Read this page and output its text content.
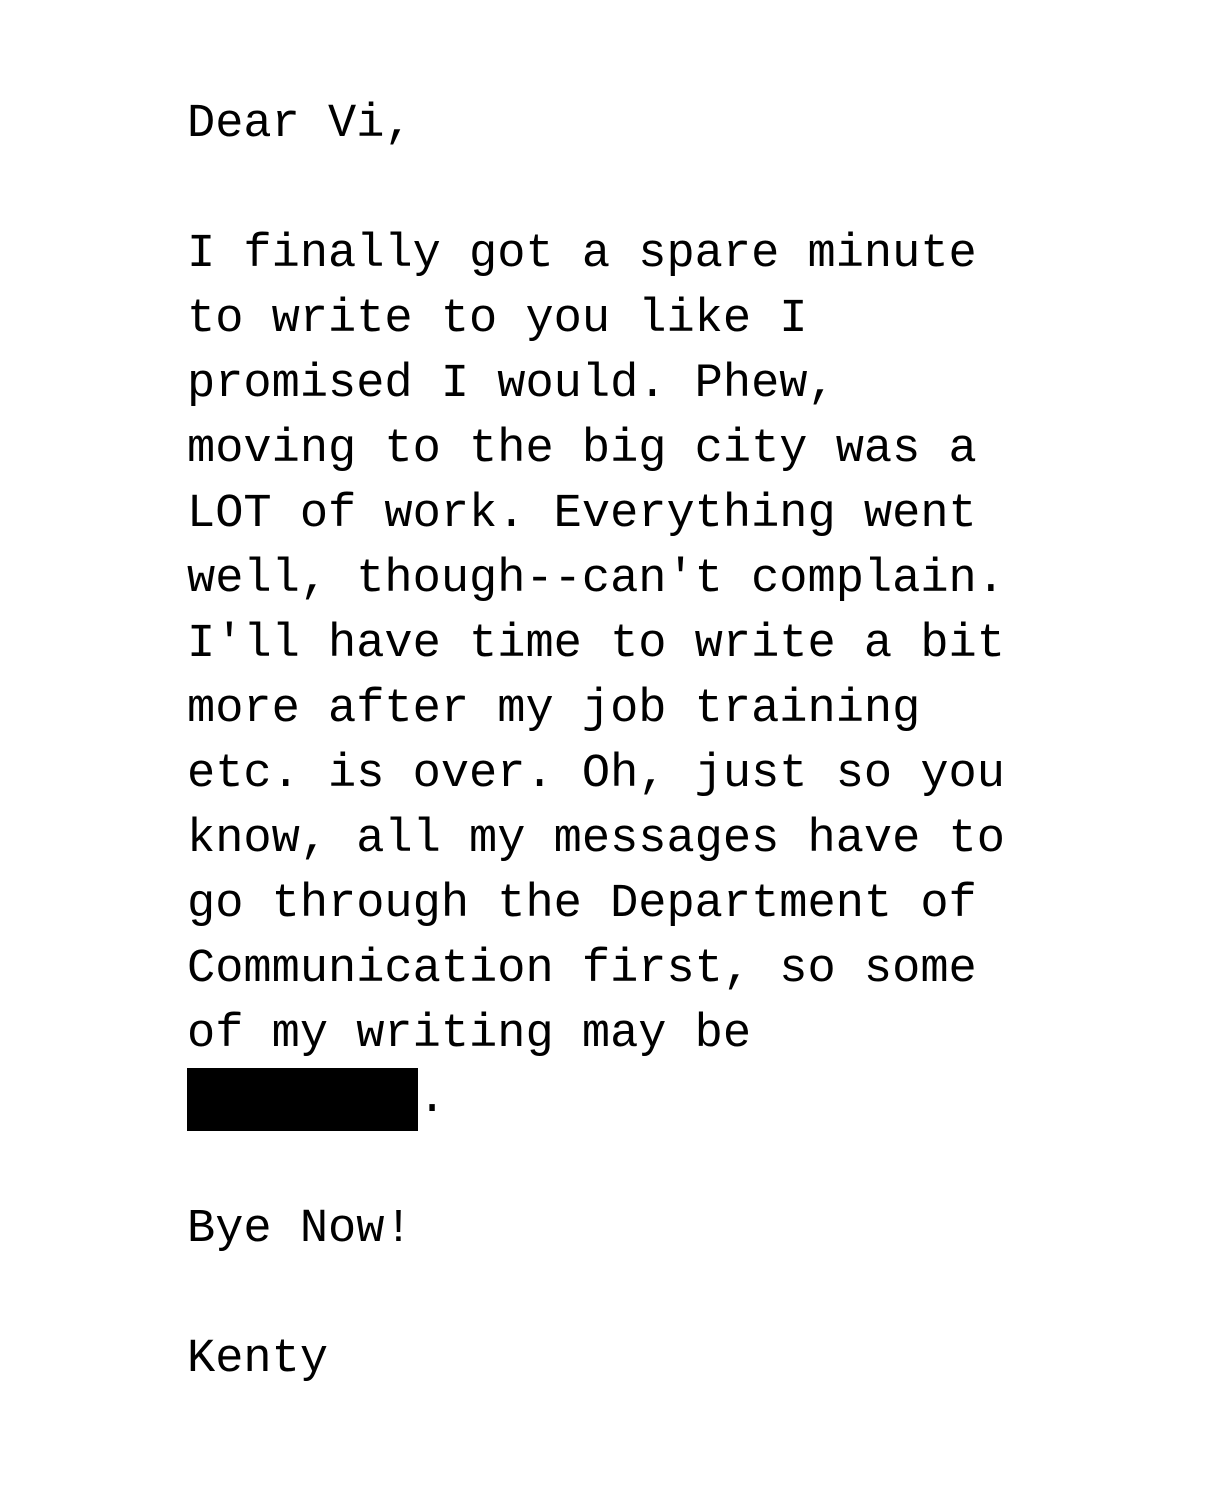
Dear Vi,
I finally got a spare minute
to write to you like I
promised I would. Phew,
moving to the big city was a
LOT of work. Everything went
well, though--can't complain.
I'll have time to write a bit
more after my job training
etc. is over. Oh, just so you
know, all my messages have to
go through the Department of
Communication first, so some
of my writing may be
.
Bye Now!
Kenty
